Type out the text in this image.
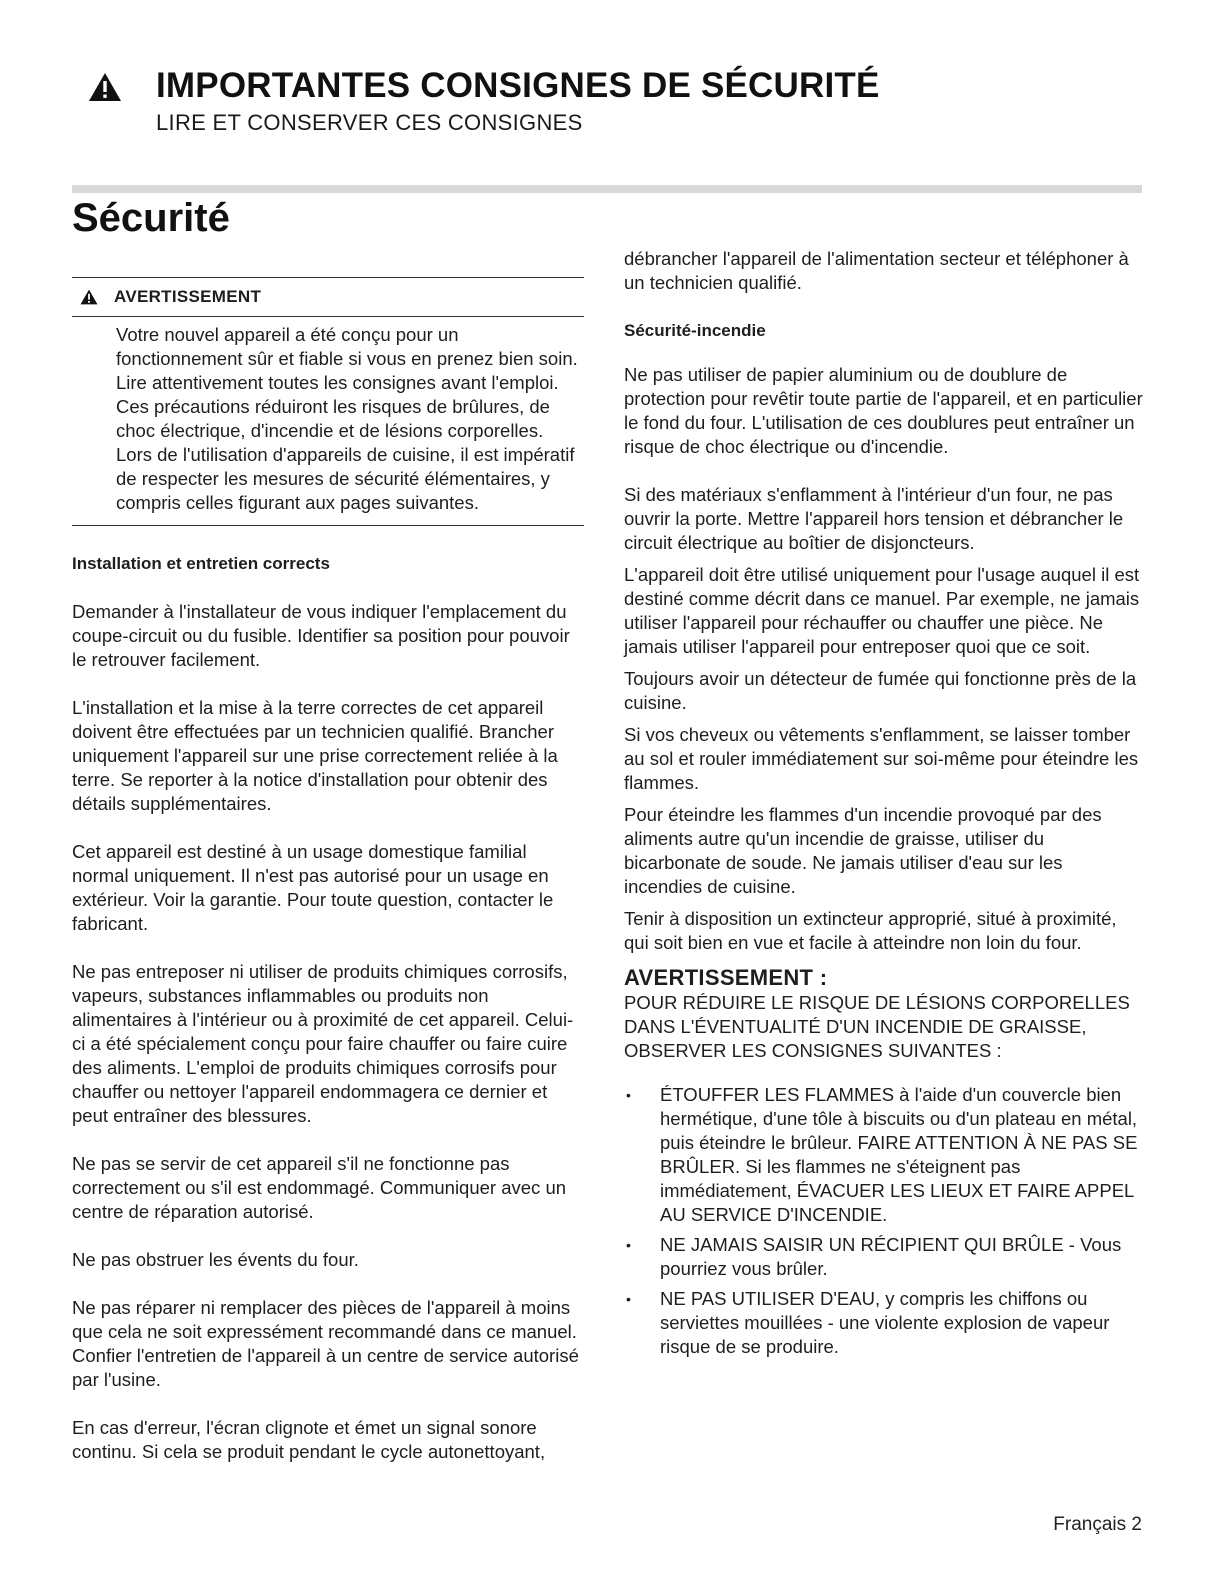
IMPORTANTES CONSIGNES DE SÉCURITÉ
LIRE ET CONSERVER CES CONSIGNES
Sécurité
AVERTISSEMENT

Votre nouvel appareil a été conçu pour un fonctionnement sûr et fiable si vous en prenez bien soin. Lire attentivement toutes les consignes avant l'emploi. Ces précautions réduiront les risques de brûlures, de choc électrique, d'incendie et de lésions corporelles. Lors de l'utilisation d'appareils de cuisine, il est impératif de respecter les mesures de sécurité élémentaires, y compris celles figurant aux pages suivantes.

Installation et entretien corrects

Demander à l'installateur de vous indiquer l'emplacement du coupe-circuit ou du fusible. Identifier sa position pour pouvoir le retrouver facilement.

L'installation et la mise à la terre correctes de cet appareil doivent être effectuées par un technicien qualifié. Brancher uniquement l'appareil sur une prise correctement reliée à la terre. Se reporter à la notice d'installation pour obtenir des détails supplémentaires.

Cet appareil est destiné à un usage domestique familial normal uniquement. Il n'est pas autorisé pour un usage en extérieur. Voir la garantie. Pour toute question, contacter le fabricant.

Ne pas entreposer ni utiliser de produits chimiques corrosifs, vapeurs, substances inflammables ou produits non alimentaires à l'intérieur ou à proximité de cet appareil. Celui-ci a été spécialement conçu pour faire chauffer ou faire cuire des aliments. L'emploi de produits chimiques corrosifs pour chauffer ou nettoyer l'appareil endommagera ce dernier et peut entraîner des blessures.

Ne pas se servir de cet appareil s'il ne fonctionne pas correctement ou s'il est endommagé. Communiquer avec un centre de réparation autorisé.

Ne pas obstruer les évents du four.

Ne pas réparer ni remplacer des pièces de l'appareil à moins que cela ne soit expressément recommandé dans ce manuel. Confier l'entretien de l'appareil à un centre de service autorisé par l'usine.

En cas d'erreur, l'écran clignote et émet un signal sonore continu. Si cela se produit pendant le cycle autonettoyant,

débrancher l'appareil de l'alimentation secteur et téléphoner à un technicien qualifié.

Sécurité-incendie

Ne pas utiliser de papier aluminium ou de doublure de protection pour revêtir toute partie de l'appareil, et en particulier le fond du four. L'utilisation de ces doublures peut entraîner un risque de choc électrique ou d'incendie.

Si des matériaux s'enflamment à l'intérieur d'un four, ne pas ouvrir la porte. Mettre l'appareil hors tension et débrancher le circuit électrique au boîtier de disjoncteurs.

L'appareil doit être utilisé uniquement pour l'usage auquel il est destiné comme décrit dans ce manuel. Par exemple, ne jamais utiliser l'appareil pour réchauffer ou chauffer une pièce. Ne jamais utiliser l'appareil pour entreposer quoi que ce soit.

Toujours avoir un détecteur de fumée qui fonctionne près de la cuisine.

Si vos cheveux ou vêtements s'enflamment, se laisser tomber au sol et rouler immédiatement sur soi-même pour éteindre les flammes.

Pour éteindre les flammes d'un incendie provoqué par des aliments autre qu'un incendie de graisse, utiliser du bicarbonate de soude. Ne jamais utiliser d'eau sur les incendies de cuisine.

Tenir à disposition un extincteur approprié, situé à proximité, qui soit bien en vue et facile à atteindre non loin du four.

AVERTISSEMENT :

POUR RÉDUIRE LE RISQUE DE LÉSIONS CORPORELLES DANS L'ÉVENTUALITÉ D'UN INCENDIE DE GRAISSE, OBSERVER LES CONSIGNES SUIVANTES :

• ÉTOUFFER LES FLAMMES à l'aide d'un couvercle bien hermétique, d'une tôle à biscuits ou d'un plateau en métal, puis éteindre le brûleur. FAIRE ATTENTION À NE PAS SE BRÛLER. Si les flammes ne s'éteignent pas immédiatement, ÉVACUER LES LIEUX ET FAIRE APPEL AU SERVICE D'INCENDIE.
• NE JAMAIS SAISIR UN RÉCIPIENT QUI BRÛLE - Vous pourriez vous brûler.
• NE PAS UTILISER D'EAU, y compris les chiffons ou serviettes mouillées - une violente explosion de vapeur risque de se produire.
Français 2
